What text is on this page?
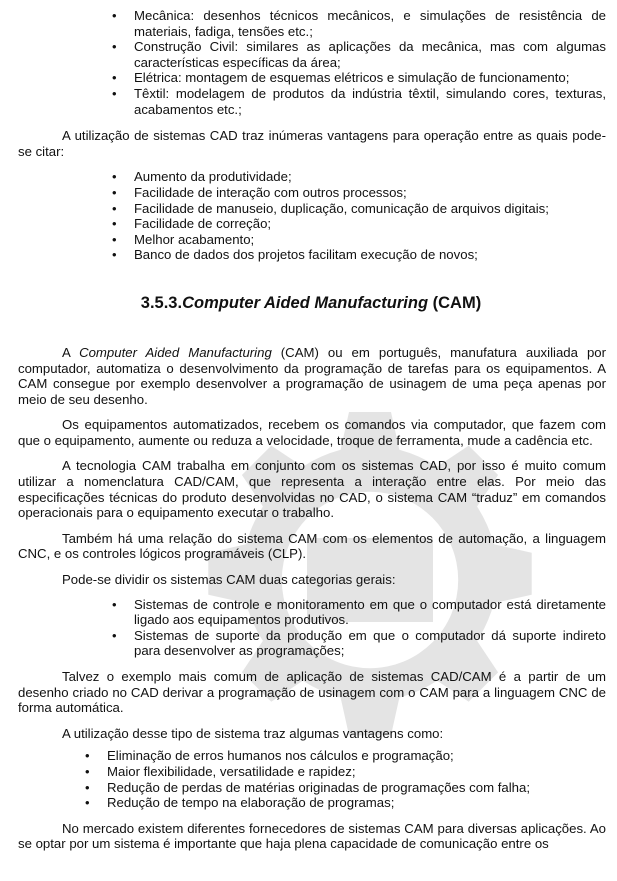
• Mecânica: desenhos técnicos mecânicos, e simulações de resistência de materiais, fadiga, tensões etc.;
• Construção Civil: similares as aplicações da mecânica, mas com algumas características específicas da área;
• Elétrica: montagem de esquemas elétricos e simulação de funcionamento;
• Têxtil: modelagem de produtos da indústria têxtil, simulando cores, texturas, acabamentos etc.;

A utilização de sistemas CAD traz inúmeras vantagens para operação entre as quais pode-se citar:

• Aumento da produtividade;
• Facilidade de interação com outros processos;
• Facilidade de manuseio, duplicação, comunicação de arquivos digitais;
• Facilidade de correção;
• Melhor acabamento;
• Banco de dados dos projetos facilitam execução de novos;
3.5.3.Computer Aided Manufacturing (CAM)

A Computer Aided Manufacturing (CAM) ou em português, manufatura auxiliada por computador, automatiza o desenvolvimento da programação de tarefas para os equipamentos. A CAM consegue por exemplo desenvolver a programação de usinagem de uma peça apenas por meio de seu desenho.

Os equipamentos automatizados, recebem os comandos via computador, que fazem com que o equipamento, aumente ou reduza a velocidade, troque de ferramenta, mude a cadência etc.

A tecnologia CAM trabalha em conjunto com os sistemas CAD, por isso é muito comum utilizar a nomenclatura CAD/CAM, que representa a interação entre elas. Por meio das especificações técnicas do produto desenvolvidas no CAD, o sistema CAM “traduz” em comandos operacionais para o equipamento executar o trabalho.

Também há uma relação do sistema CAM com os elementos de automação, a linguagem CNC, e os controles lógicos programáveis (CLP).

Pode-se dividir os sistemas CAM duas categorias gerais:

• Sistemas de controle e monitoramento em que o computador está diretamente ligado aos equipamentos produtivos.
• Sistemas de suporte da produção em que o computador dá suporte indireto para desenvolver as programações;

Talvez o exemplo mais comum de aplicação de sistemas CAD/CAM é a partir de um desenho criado no CAD derivar a programação de usinagem com o CAM para a linguagem CNC de forma automática.

A utilização desse tipo de sistema traz algumas vantagens como:

• Eliminação de erros humanos nos cálculos e programação;
• Maior flexibilidade, versatilidade e rapidez;
• Redução de perdas de matérias originadas de programações com falha;
• Redução de tempo na elaboração de programas;

No mercado existem diferentes fornecedores de sistemas CAM para diversas aplicações. Ao se optar por um sistema é importante que haja plena capacidade de comunicação entre os
